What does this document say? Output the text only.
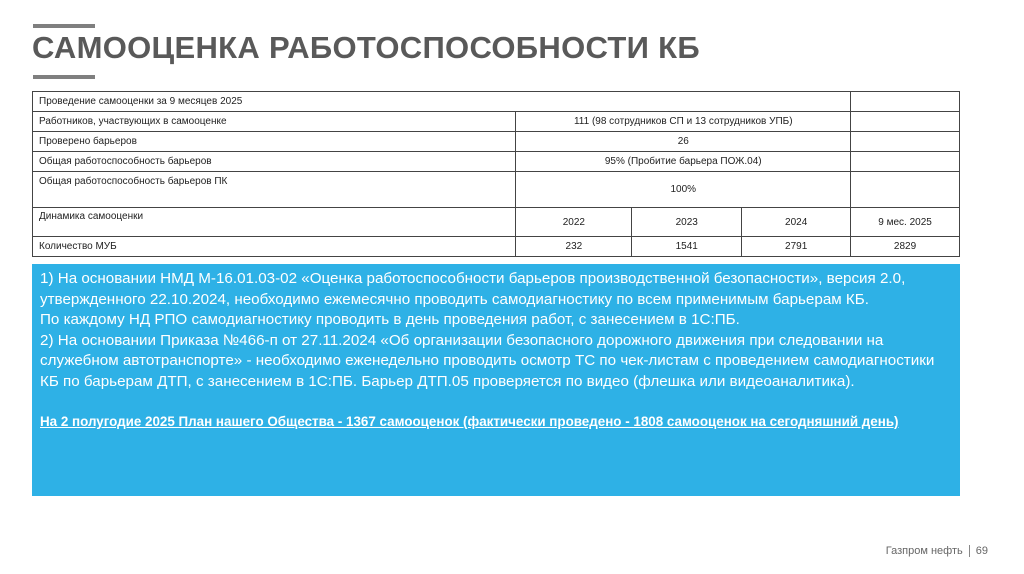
САМООЦЕНКА РАБОТОСПОСОБНОСТИ КБ
Проведение самооценки за 9 месяцев 2025				
Работников, участвующих в самооценке	111 (98 сотрудников СП и 13 сотрудников УПБ)			
Проверено барьеров	26			
Общая работоспособность барьеров	95% (Пробитие барьера ПОЖ.04)			
Общая работоспособность барьеров ПК	100%			
Динамика самооценки	2022	2023	2024	9 мес. 2025
Количество МУБ	232	1541	2791	2829

1) На основании НМД М-16.01.03-02 «Оценка работоспособности барьеров производственной безопасности», версия 2.0, утвержденного 22.10.2024, необходимо ежемесячно проводить самодиагностику по всем применимым барьерам КБ.

По каждому НД РПО самодиагностику проводить в день проведения работ, с занесением в 1С:ПБ.

2) На основании Приказа №466-п от 27.11.2024 «Об организации безопасного дорожного движения при следовании на служебном автотранспорте» - необходимо еженедельно проводить осмотр ТС по чек-листам с проведением самодиагностики КБ по барьерам ДТП, с занесением в 1С:ПБ. Барьер ДТП.05 проверяется по видео (флешка или видеоаналитика).

На 2 полугодие 2025 План нашего Общества - 1367 самооценок (фактически проведено - 1808 самооценок на сегодняшний день)

Газпром нефть 69
